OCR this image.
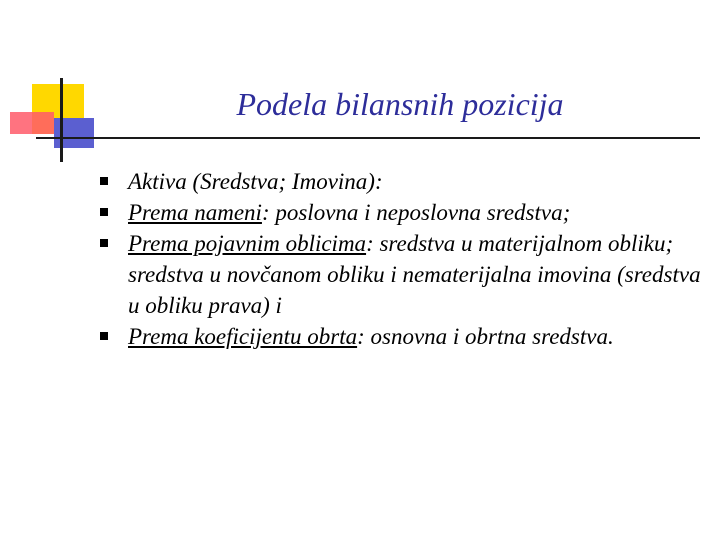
Podela bilansnih pozicija
Aktiva (Sredstva; Imovina):
Prema nameni: poslovna i neposlovna sredstva;
Prema pojavnim oblicima: sredstva u materijalnom obliku; sredstva u novčanom obliku i nematerijalna imovina (sredstva u obliku prava) i
Prema koeficijentu obrta: osnovna i obrtna sredstva.
